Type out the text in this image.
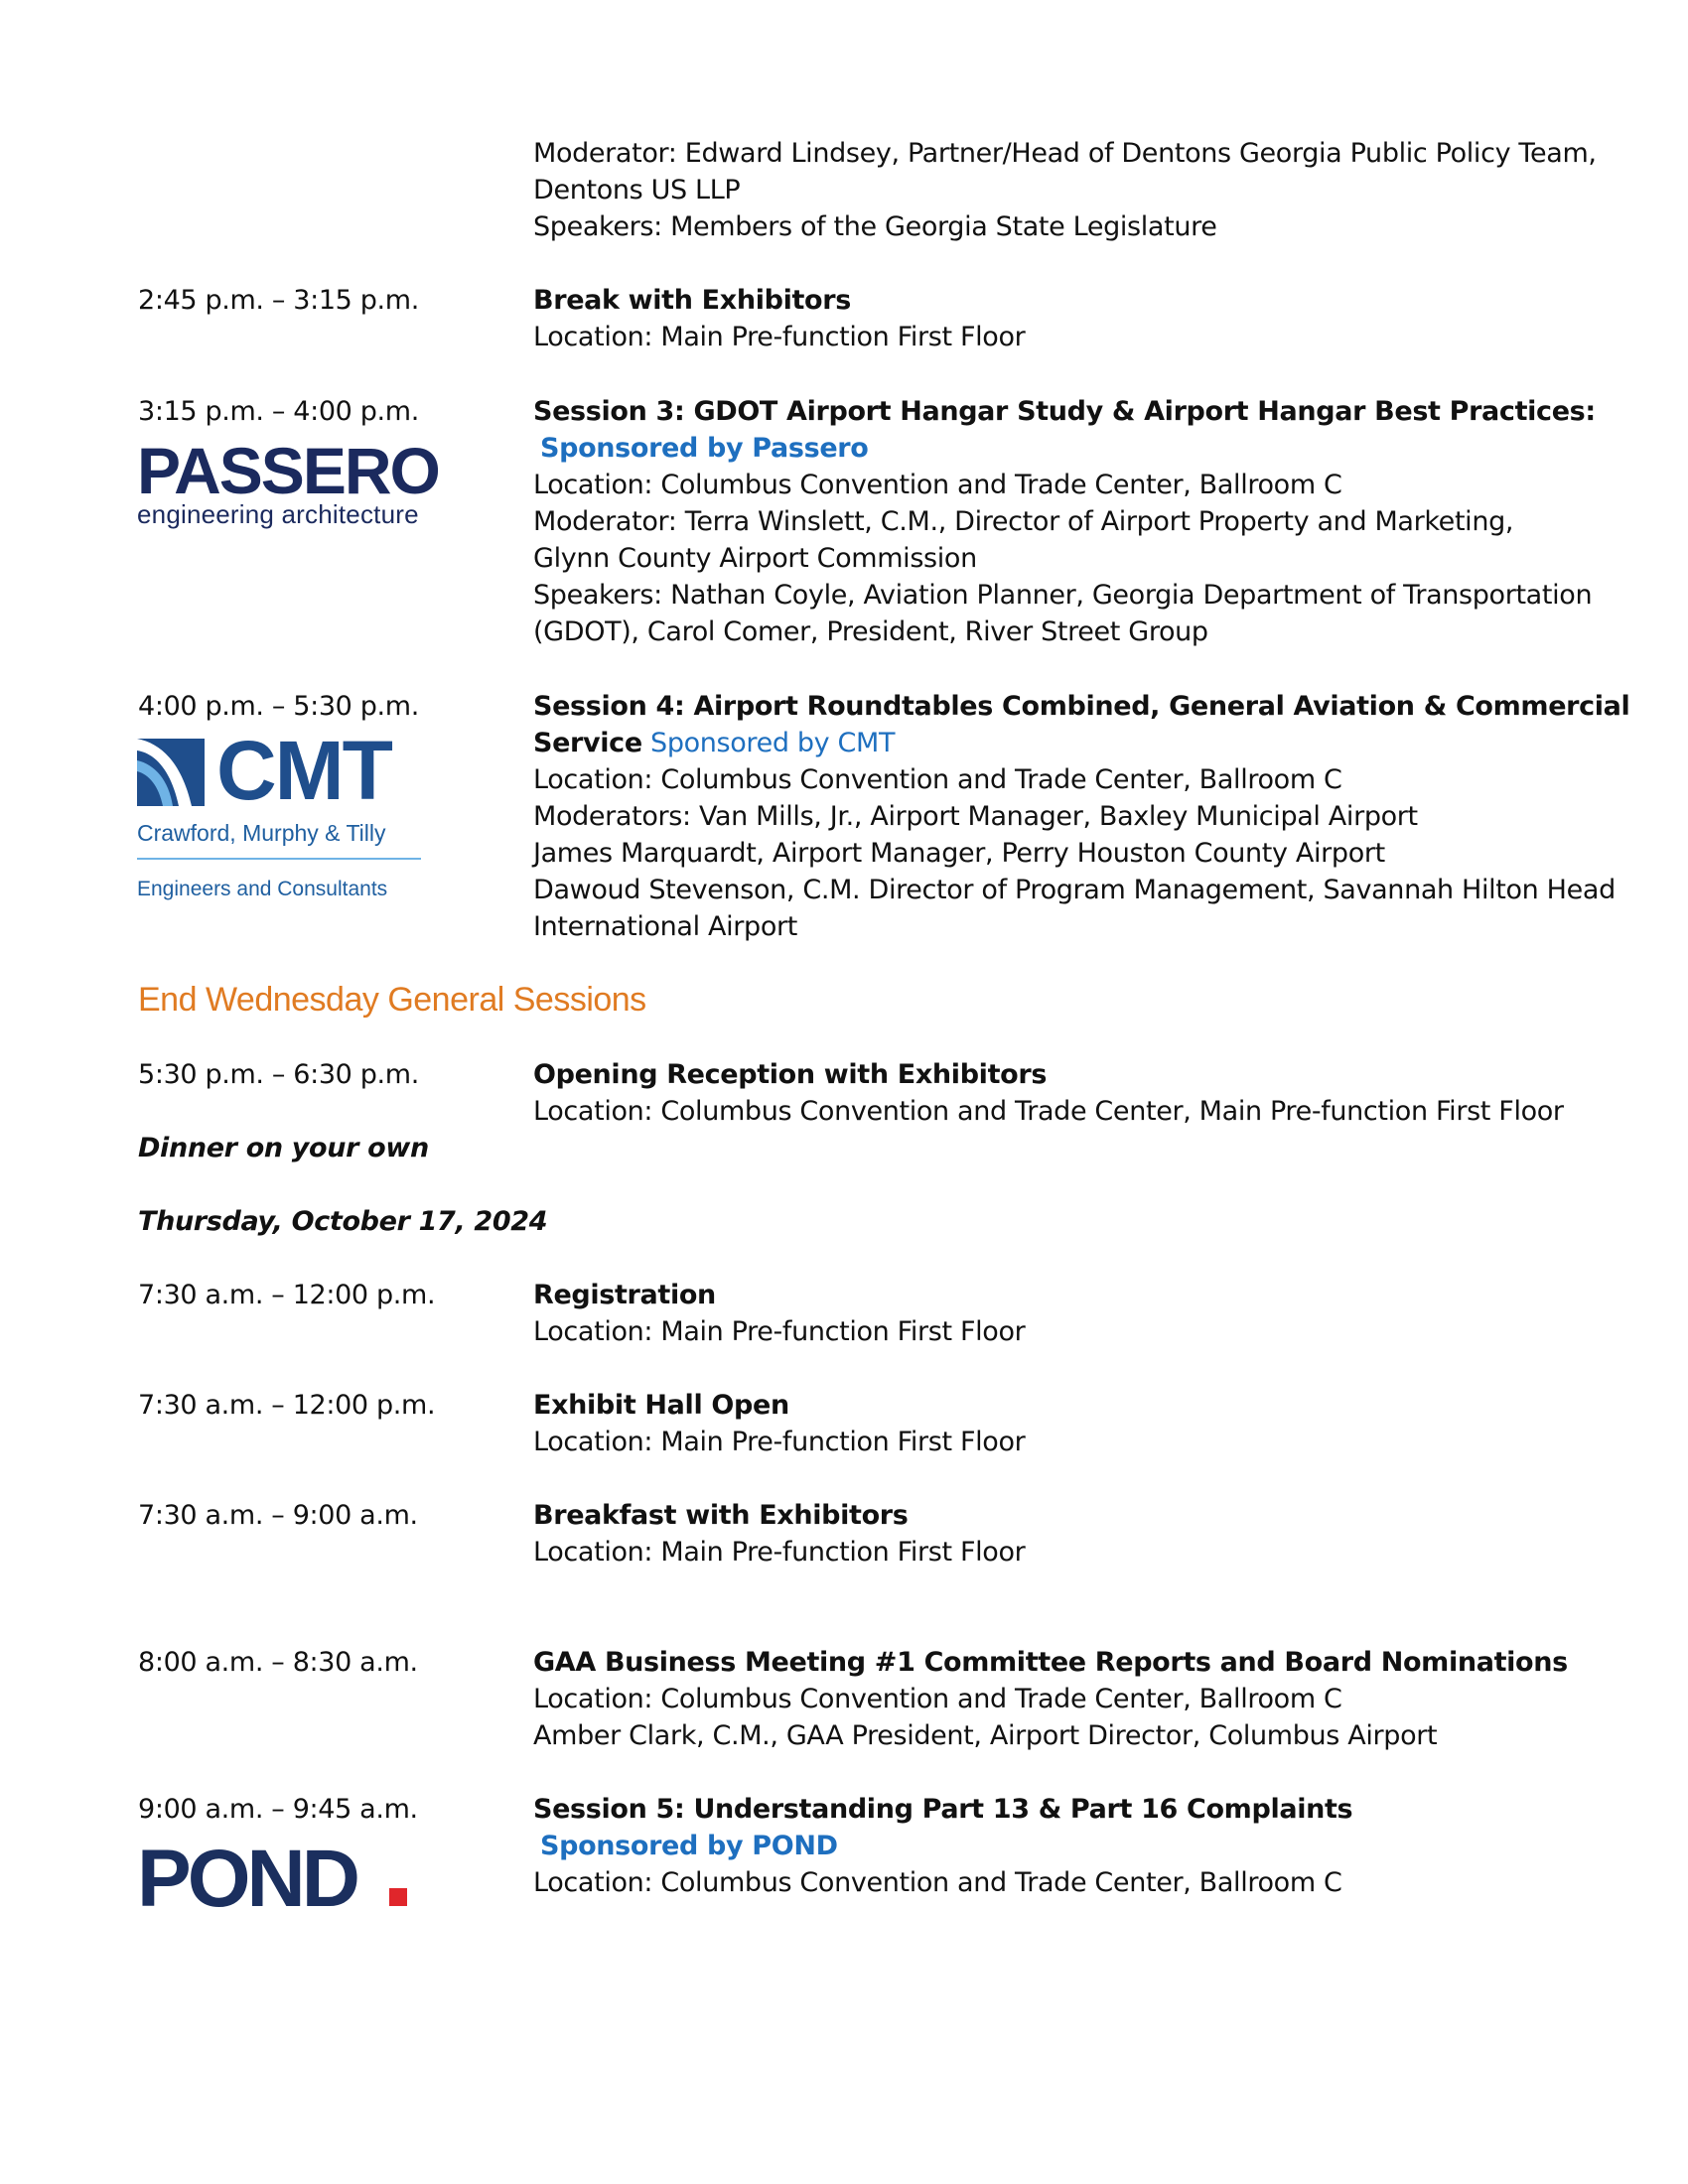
Moderator: Edward Lindsey, Partner/Head of Dentons Georgia Public Policy Team,
Dentons US LLP
Speakers: Members of the Georgia State Legislature
2:45 p.m. – 3:15 p.m.	Break with Exhibitors
Location: Main Pre-function First Floor
3:15 p.m. – 4:00 p.m.	Session 3: GDOT Airport Hangar Study & Airport Hangar Best Practices:
Sponsored by Passero
Location: Columbus Convention and Trade Center, Ballroom C
Moderator: Terra Winslett, C.M., Director of Airport Property and Marketing,
Glynn County Airport Commission
Speakers: Nathan Coyle, Aviation Planner, Georgia Department of Transportation
(GDOT), Carol Comer, President, River Street Group
PASSERO
engineering architecture
4:00 p.m. – 5:30 p.m.	Session 4: Airport Roundtables Combined, General Aviation & Commercial
Service Sponsored by CMT
Location: Columbus Convention and Trade Center, Ballroom C
Moderators: Van Mills, Jr., Airport Manager, Baxley Municipal Airport
James Marquardt, Airport Manager, Perry Houston County Airport
Dawoud Stevenson, C.M. Director of Program Management, Savannah Hilton Head
International Airport
CMT
Crawford, Murphy & Tilly
Engineers and Consultants
End Wednesday General Sessions
5:30 p.m. – 6:30 p.m.	Opening Reception with Exhibitors
Location: Columbus Convention and Trade Center, Main Pre-function First Floor
Dinner on your own
Thursday, October 17, 2024
7:30 a.m. – 12:00 p.m.	Registration
Location: Main Pre-function First Floor
7:30 a.m. – 12:00 p.m.	Exhibit Hall Open
Location: Main Pre-function First Floor
7:30 a.m. – 9:00 a.m.	Breakfast with Exhibitors
Location: Main Pre-function First Floor
8:00 a.m. – 8:30 a.m.	GAA Business Meeting #1 Committee Reports and Board Nominations
Location: Columbus Convention and Trade Center, Ballroom C
Amber Clark, C.M., GAA President, Airport Director, Columbus Airport
9:00 a.m. – 9:45 a.m.	Session 5: Understanding Part 13 & Part 16 Complaints
Sponsored by POND
Location: Columbus Convention and Trade Center, Ballroom C
POND
